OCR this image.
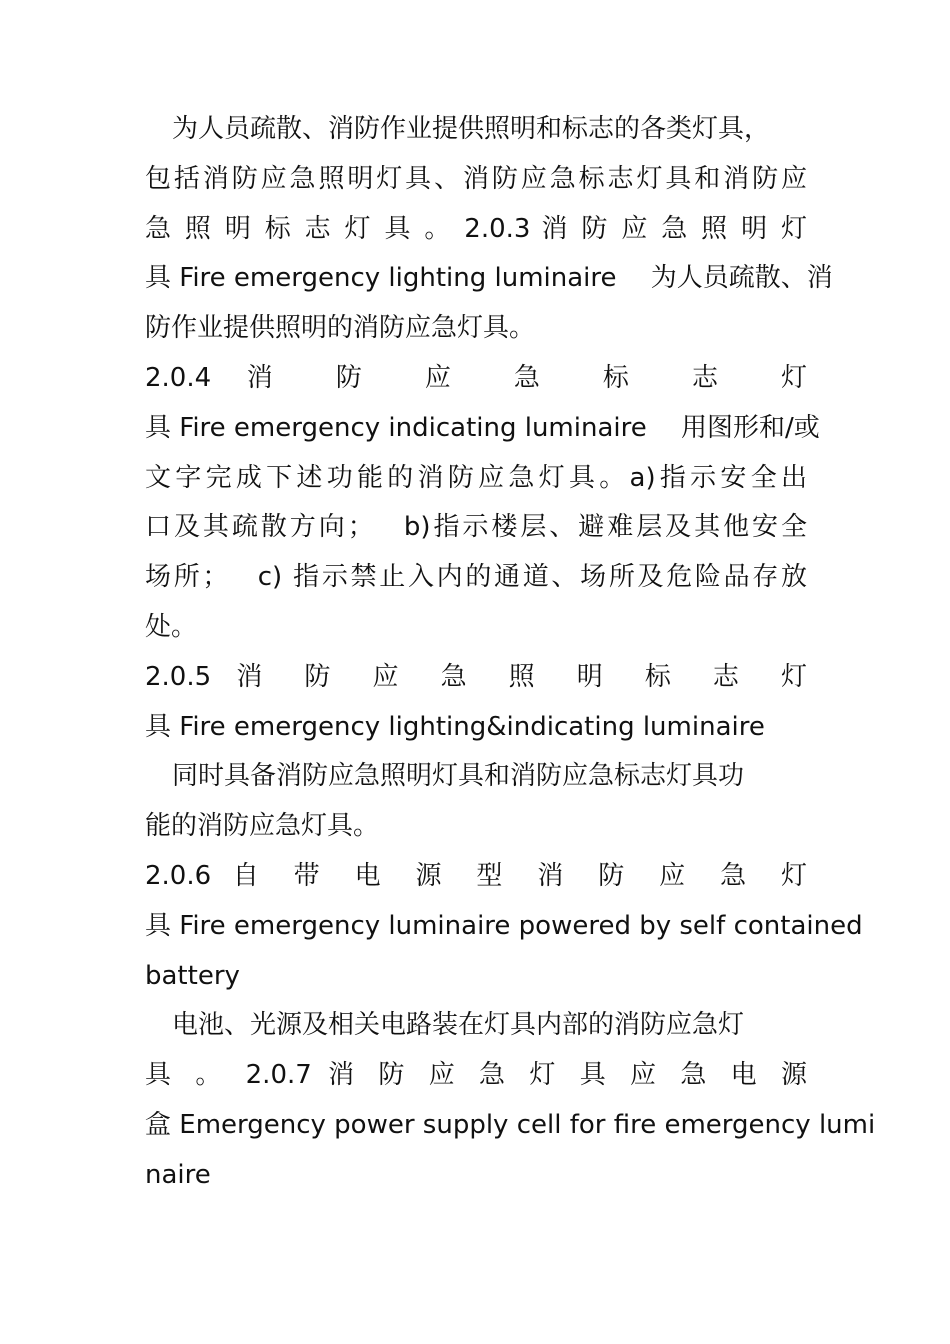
为人员疏散、消防作业提供照明和标志的各类灯具，
包括消防应急照明灯具、消防应急标志灯具和消防应
急 照 明 标 志 灯 具 。 2.0.3 消 防 应 急 照 明 灯
具 Fire emergency lighting luminaire　 为人员疏散、消
防作业提供照明的消防应急灯具。
2.0.4 消 防 应 急 标 志 灯
具 Fire emergency indicating luminaire　 用图形和/或
文字完成下述功能的消防应急灯具。a)指示安全出
口及其疏散方向；　 b)指示楼层、避难层及其他安全
场所；　 c) 指示禁止入内的通道、场所及危险品存放
处。
2.0.5 消 防 应 急 照 明 标 志 灯
具 Fire emergency lighting&indicating luminaire
同时具备消防应急照明灯具和消防应急标志灯具功
能的消防应急灯具。
2.0.6 自 带 电 源 型 消 防 应 急 灯
具 Fire emergency luminaire powered by self contained
battery
电池、光源及相关电路装在灯具内部的消防应急灯
具 。 2.0.7 消 防 应 急 灯 具 应 急 电 源
盒 Emergency power supply cell for fire emergency lumi
naire
